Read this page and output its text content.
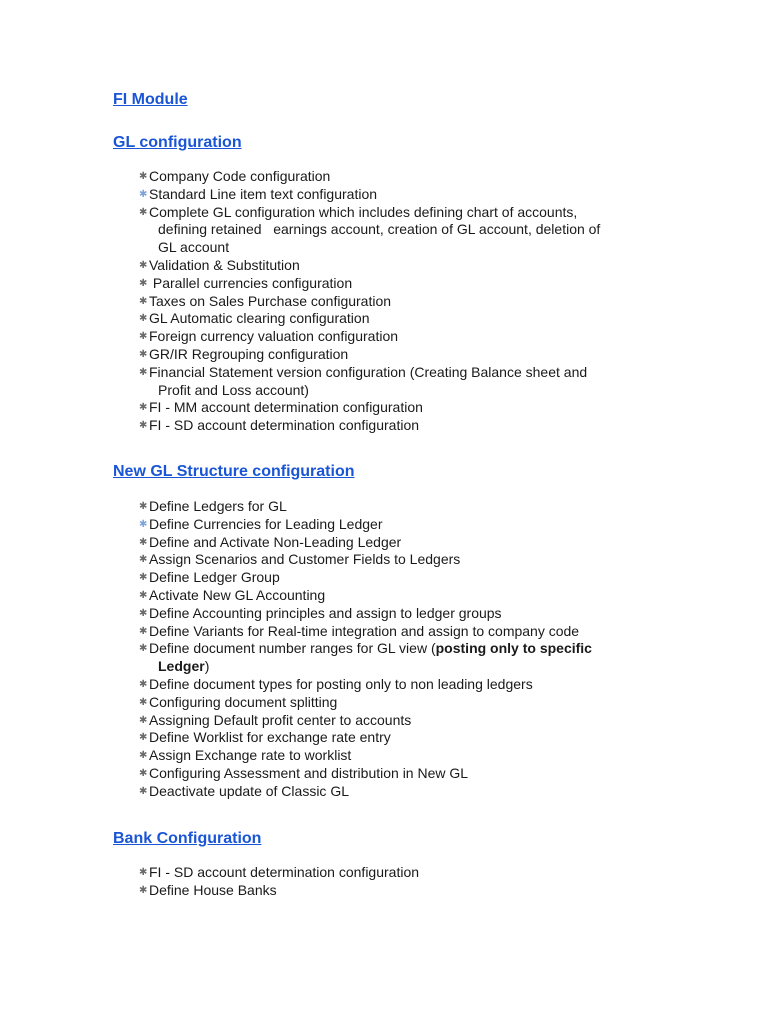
FI Module
GL configuration
✱ Company Code configuration
✱ Standard Line item text configuration
✱ Complete GL configuration which includes defining chart of accounts,
defining retained   earnings account, creation of GL account, deletion of
GL account
✱ Validation & Substitution
✱ Parallel currencies configuration
✱ Taxes on Sales Purchase configuration
✱ GL Automatic clearing configuration
✱ Foreign currency valuation configuration
✱ GR/IR Regrouping configuration
✱ Financial Statement version configuration (Creating Balance sheet and
Profit and Loss account)
✱ FI - MM account determination configuration
✱ FI - SD account determination configuration
New GL Structure configuration
✱ Define Ledgers for GL
✱ Define Currencies for Leading Ledger
✱ Define and Activate Non-Leading Ledger
✱ Assign Scenarios and Customer Fields to Ledgers
✱ Define Ledger Group
✱ Activate New GL Accounting
✱ Define Accounting principles and assign to ledger groups
✱ Define Variants for Real-time integration and assign to company code
✱ Define document number ranges for GL view (posting only to specific
Ledger)
✱ Define document types for posting only to non leading ledgers
✱ Configuring document splitting
✱ Assigning Default profit center to accounts
✱ Define Worklist for exchange rate entry
✱ Assign Exchange rate to worklist
✱ Configuring Assessment and distribution in New GL
✱ Deactivate update of Classic GL
Bank Configuration
✱ FI - SD account determination configuration
✱ Define House Banks
